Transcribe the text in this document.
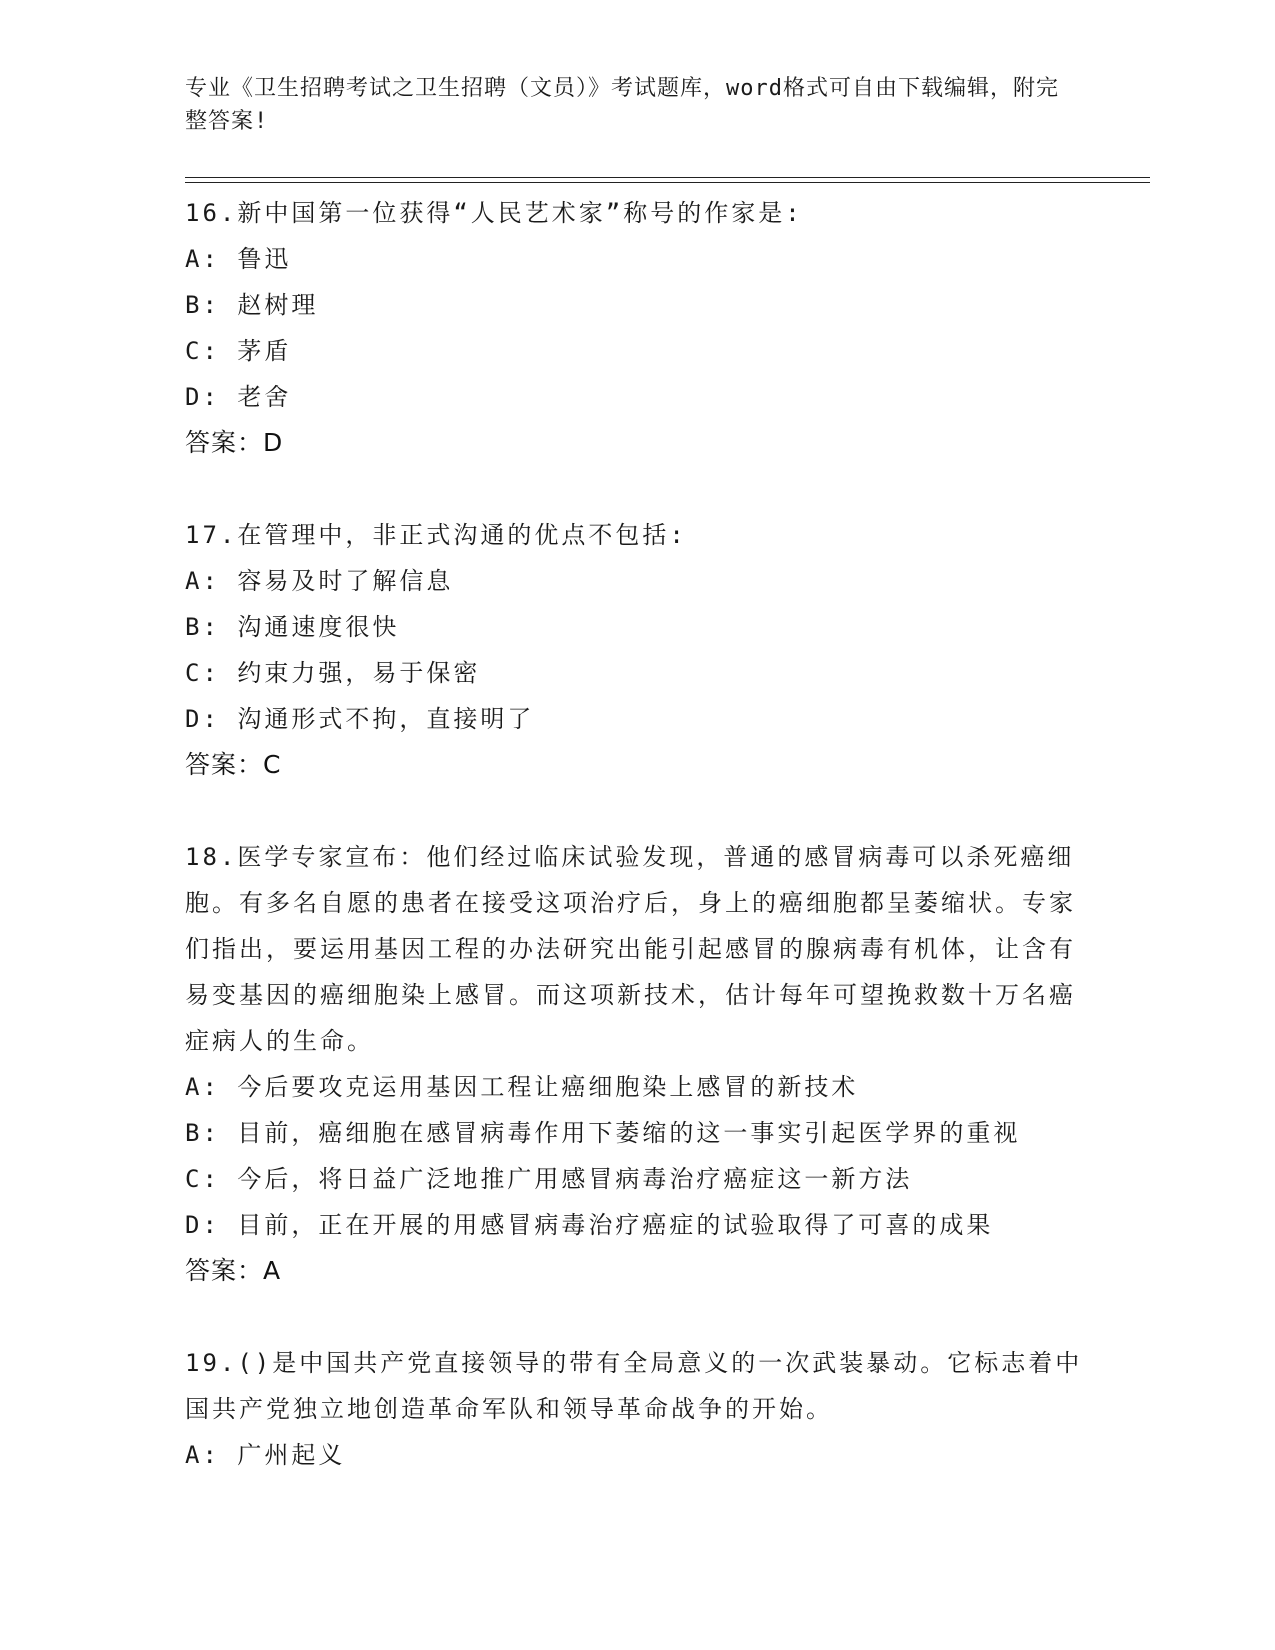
专业《卫生招聘考试之卫生招聘（文员）》考试题库，word格式可自由下载编辑，附完整答案!

16.新中国第一位获得“人民艺术家”称号的作家是:

A: 鲁迅

B: 赵树理

C: 茅盾

D: 老舍

答案：D

17.在管理中，非正式沟通的优点不包括:

A: 容易及时了解信息

B: 沟通速度很快

C: 约束力强，易于保密

D: 沟通形式不拘，直接明了

答案：C

18.医学专家宣布：他们经过临床试验发现，普通的感冒病毒可以杀死癌细胞。有多名自愿的患者在接受这项治疗后，身上的癌细胞都呈萎缩状。专家们指出，要运用基因工程的办法研究出能引起感冒的腺病毒有机体，让含有易变基因的癌细胞染上感冒。而这项新技术，估计每年可望挽救数十万名癌症病人的生命。

A: 今后要攻克运用基因工程让癌细胞染上感冒的新技术

B: 目前，癌细胞在感冒病毒作用下萎缩的这一事实引起医学界的重视

C: 今后，将日益广泛地推广用感冒病毒治疗癌症这一新方法

D: 目前，正在开展的用感冒病毒治疗癌症的试验取得了可喜的成果

答案：A

19.()是中国共产党直接领导的带有全局意义的一次武装暴动。它标志着中国共产党独立地创造革命军队和领导革命战争的开始。

A: 广州起义
